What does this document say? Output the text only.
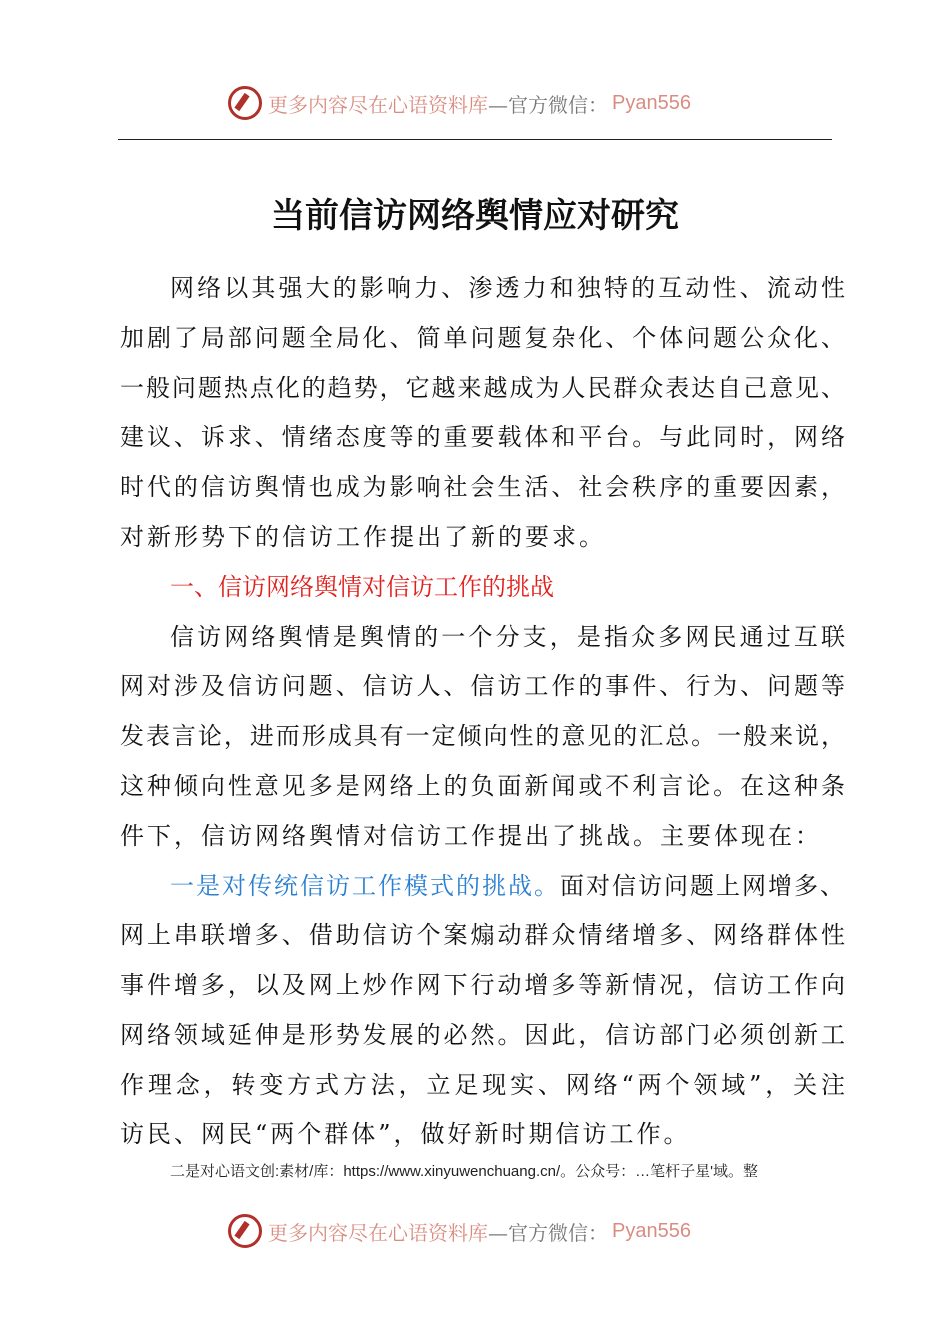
更多内容尽在心语资料库 —官方微信： Pyan556
当前信访网络舆情应对研究
网络以其强大的影响力、渗透力和独特的互动性、流动性
加剧了局部问题全局化、简单问题复杂化、个体问题公众化、
一般问题热点化的趋势，它越来越成为人民群众表达自己意见、
建议、诉求、情绪态度等的重要载体和平台。与此同时，网络
时代的信访舆情也成为影响社会生活、社会秩序的重要因素，
对新形势下的信访工作提出了新的要求。
一、信访网络舆情对信访工作的挑战
信访网络舆情是舆情的一个分支，是指众多网民通过互联
网对涉及信访问题、信访人、信访工作的事件、行为、问题等
发表言论，进而形成具有一定倾向性的意见的汇总。一般来说，
这种倾向性意见多是网络上的负面新闻或不利言论。在这种条
件下，信访网络舆情对信访工作提出了挑战。主要体现在：
一是对传统信访工作模式的挑战。面对信访问题上网增多、
网上串联增多、借助信访个案煽动群众情绪增多、网络群体性
事件增多，以及网上炒作网下行动增多等新情况，信访工作向
网络领域延伸是形势发展的必然。因此，信访部门必须创新工
作理念，转变方式方法，立足现实、网络“两个领域”，关注
访民、网民“两个群体”，做好新时期信访工作。
二是对心语文创:素材/库：https://www.xinyuwenchuang.cn/。公众号：…笔杆子星'域。整
更多内容尽在心语资料库 —官方微信： Pyan556
